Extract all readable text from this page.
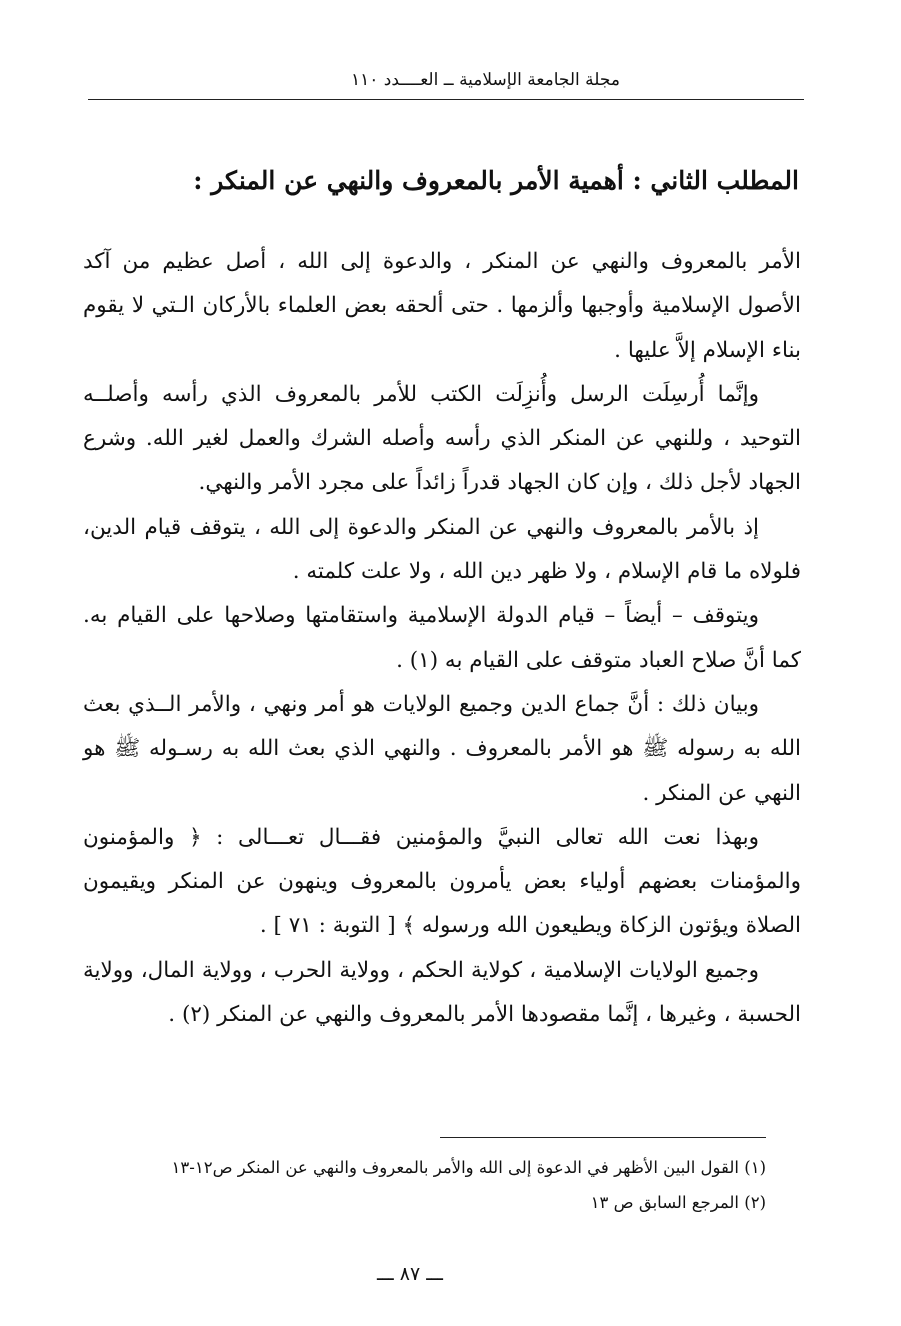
مجلة الجامعة الإسلامية ــ العــــدد ١١٠
المطلب الثاني : أهمية الأمر بالمعروف والنهي عن المنكر :

الأمر بالمعروف والنهي عن المنكر ، والدعوة إلى الله ، أصل عظيم من آكد الأصول الإسلامية وأوجبها وألزمها . حتى ألحقه بعض العلماء بالأركان الـتي لا يقوم بناء الإسلام إلاَّ عليها .

وإنَّما أُرسِلَت الرسل وأُنزِلَت الكتب للأمر بالمعروف الذي رأسه وأصلــه التوحيد ، وللنهي عن المنكر الذي رأسه وأصله الشرك والعمل لغير الله. وشرع الجهاد لأجل ذلك ، وإن كان الجهاد قدراً زائداً على مجرد الأمر والنهي.

إذ بالأمر بالمعروف والنهي عن المنكر والدعوة إلى الله ، يتوقف قيام الدين، فلولاه ما قام الإسلام ، ولا ظهر دين الله ، ولا علت كلمته .

ويتوقف – أيضاً – قيام الدولة الإسلامية واستقامتها وصلاحها على القيام به. كما أنَّ صلاح العباد متوقف على القيام به (١) .

وبيان ذلك : أنَّ جماع الدين وجميع الولايات هو أمر ونهي ، والأمر الــذي بعث الله به رسوله ﷺ هو الأمر بالمعروف . والنهي الذي بعث الله به رسـوله ﷺ هو النهي عن المنكر .

وبهذا نعت الله تعالى النبيَّ والمؤمنين فقـــال تعـــالى : ﴿ والمؤمنون والمؤمنات بعضهم أولياء بعض يأمرون بالمعروف وينهون عن المنكر ويقيمون الصلاة ويؤتون الزكاة ويطيعون الله ورسوله ﴾ [ التوبة : ٧١ ] .

وجميع الولايات الإسلامية ، كولاية الحكم ، وولاية الحرب ، وولاية المال، وولاية الحسبة ، وغيرها ، إنَّما مقصودها الأمر بالمعروف والنهي عن المنكر (٢) .

(١) القول البين الأظهر في الدعوة إلى الله والأمر بالمعروف والنهي عن المنكر ص١٢-١٣

(٢) المرجع السابق ص ١٣

ـــ ٨٧ ـــ
